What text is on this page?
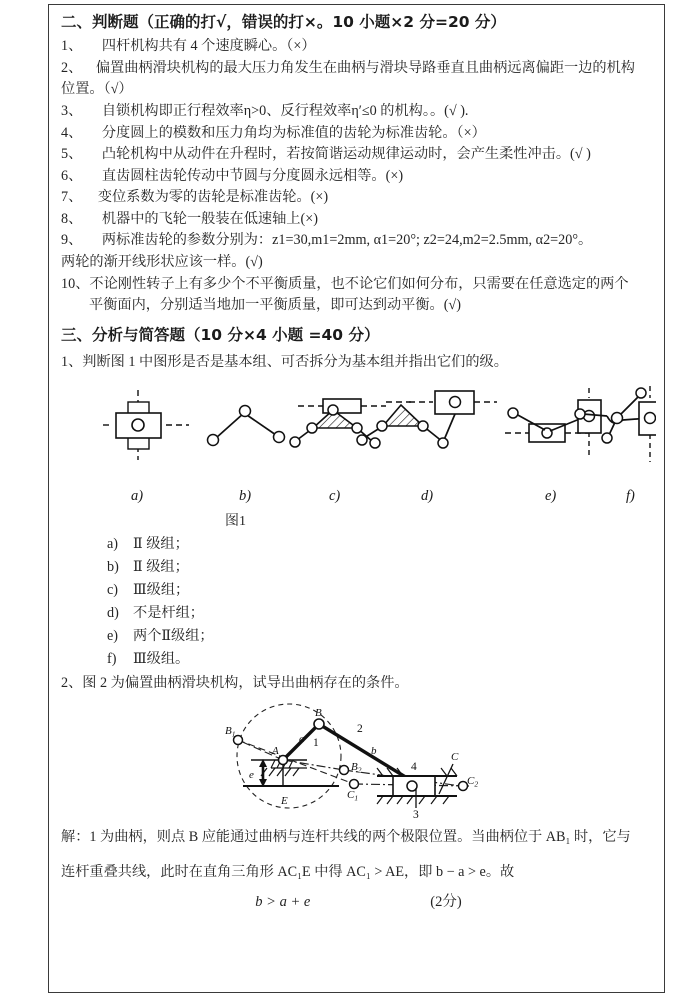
二、判断题（正确的打√，错误的打×。10 小题×2 分=20 分）
1、 四杆机构共有 4 个速度瞬心。（×）
2、 偏置曲柄滑块机构的最大压力角发生在曲柄与滑块导路垂直且曲柄远离偏距一边的机构
位置。（√）
3、 自锁机构即正行程效率η>0、反行程效率η′≤0 的机构。。(√ ).
4、 分度圆上的模数和压力角均为标准值的齿轮为标准齿轮。（×）
5、 凸轮机构中从动件在升程时，若按简谐运动规律运动时，会产生柔性冲击。(√ )
6、 直齿圆柱齿轮传动中节圆与分度圆永远相等。(×)
7、 变位系数为零的齿轮是标准齿轮。(×)
8、 机器中的飞轮一般装在低速轴上(×)
9、 两标准齿轮的参数分别为：z1=30,m1=2mm, α1=20°; z2=24,m2=2.5mm, α2=20°。
两轮的渐开线形状应该一样。(√)
10、不论刚性转子上有多少个不平衡质量，也不论它们如何分布，只需要在任意选定的两个
平衡面内，分别适当地加一平衡质量，即可达到动平衡。(√)
三、分析与简答题（10 分×4 小题 =40 分）
1、判断图 1 中图形是否是基本组、可否拆分为基本组并指出它们的级。
a)	b)	c)	d)	e)	f)
图1
a) Ⅱ 级组；
b) Ⅱ 级组；
c) Ⅲ级组；
d) 不是杆组；
e) 两个Ⅱ级组；
f) Ⅲ级组。
2、图 2 为偏置曲柄滑块机构，试导出曲柄存在的条件。
B
$B_1$
$B_2$
A
$C_1$
$C_2$
C
E
e
a
b
1
2
3
4
解：1 为曲柄，则点 B 应能通过曲柄与连杆共线的两个极限位置。当曲柄位于 AB₁ 时，它与
连杆重叠共线，此时在直角三角形 AC₁E 中得 AC₁ > AE，即 b − a > e。故
b > a + e	(2分)
